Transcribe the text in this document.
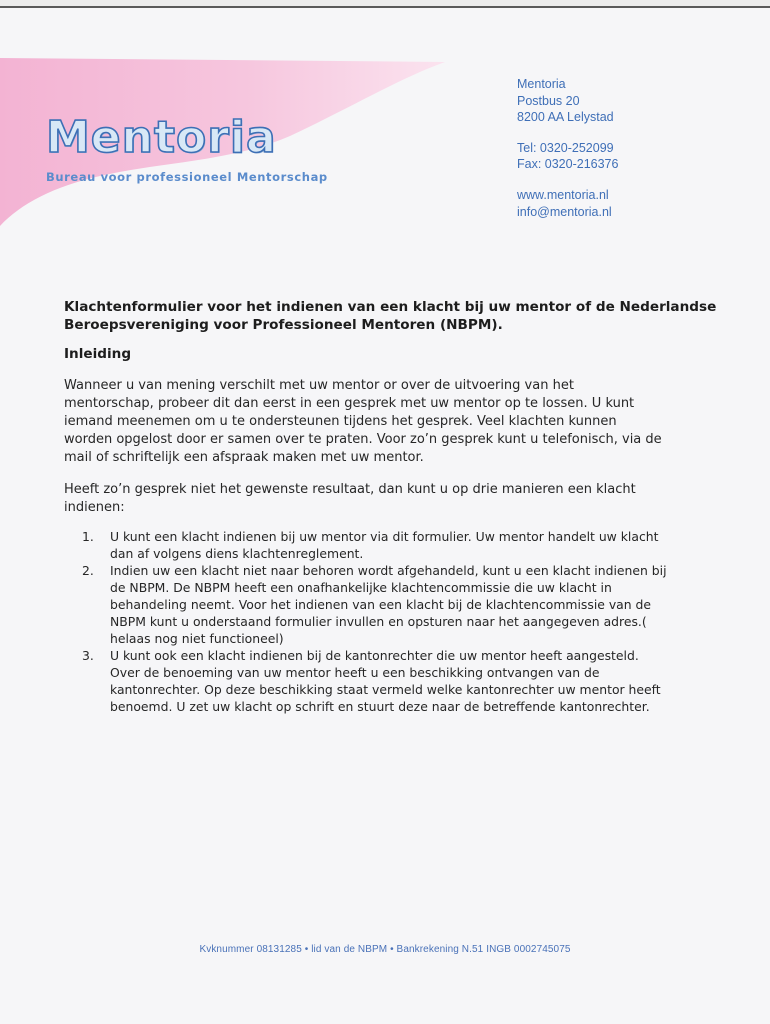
Mentoria
Bureau voor professioneel Mentorschap
Mentoria
Postbus 20
8200 AA Lelystad
Tel: 0320-252099
Fax: 0320-216376
www.mentoria.nl
info@mentoria.nl
Klachtenformulier voor het indienen van een klacht bij uw mentor of de Nederlandse Beroepsvereniging voor Professioneel Mentoren (NBPM).
Inleiding

Wanneer u van mening verschilt met uw mentor or over de uitvoering van het mentorschap, probeer dit dan eerst in een gesprek met uw mentor op te lossen. U kunt iemand meenemen om u te ondersteunen tijdens het gesprek. Veel klachten kunnen worden opgelost door er samen over te praten. Voor zo’n gesprek kunt u telefonisch, via de mail of schriftelijk een afspraak maken met uw mentor.

Heeft zo’n gesprek niet het gewenste resultaat, dan kunt u op drie manieren een klacht indienen:

1.	U kunt een klacht indienen bij uw mentor via dit formulier. Uw mentor handelt uw klacht dan af volgens diens klachtenreglement.
2.	Indien uw een klacht niet naar behoren wordt afgehandeld, kunt u een klacht indienen bij de NBPM. De NBPM heeft een onafhankelijke klachtencommissie die uw klacht in behandeling neemt. Voor het indienen van een klacht bij de klachtencommissie van de NBPM kunt u onderstaand formulier invullen en opsturen naar het aangegeven adres.( helaas nog niet functioneel)
3.	U kunt ook een klacht indienen bij de kantonrechter die uw mentor heeft aangesteld. Over de benoeming van uw mentor heeft u een beschikking ontvangen van de kantonrechter. Op deze beschikking staat vermeld welke kantonrechter uw mentor heeft benoemd. U zet uw klacht op schrift en stuurt deze naar de betreffende kantonrechter.
Kvknummer 08131285 • lid van de NBPM • Bankrekening N.51 INGB 0002745075
